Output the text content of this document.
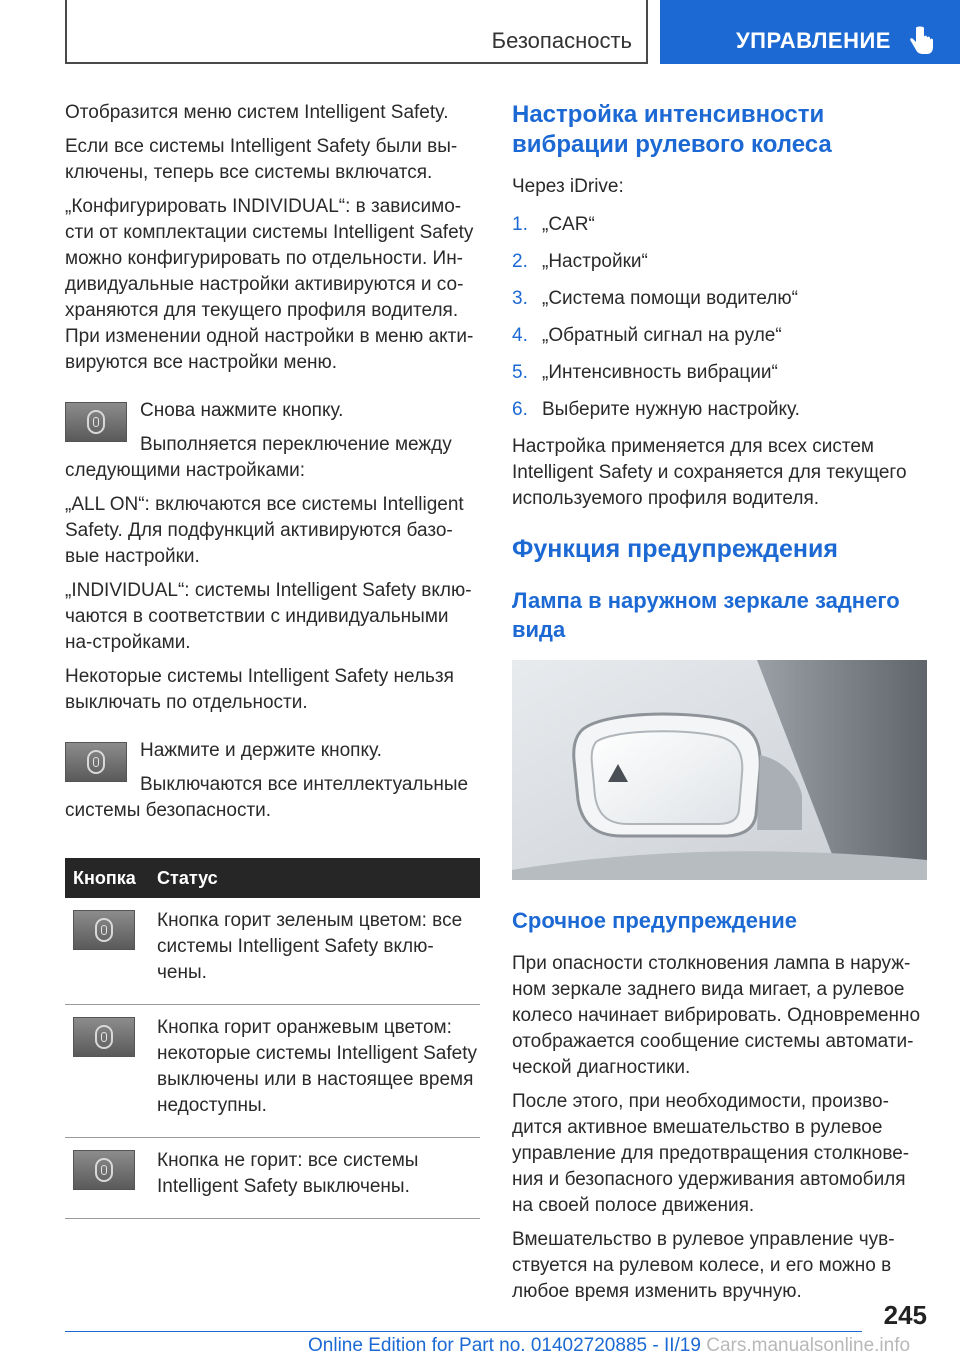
Безопасность	УПРАВЛЕНИЕ

Отобразится меню систем Intelligent Safety.

Если все системы Intelligent Safety были вы-ключены, теперь все системы включатся.

„Конфигурировать INDIVIDUAL“: в зависимо-сти от комплектации системы Intelligent Safety можно конфигурировать по отдельности. Ин-дивидуальные настройки активируются и со-храняются для текущего профиля водителя. При изменении одной настройки в меню акти-вируются все настройки меню.

Снова нажмите кнопку.

Выполняется переключение между следующими настройками:

„ALL ON“: включаются все системы Intelligent Safety. Для подфункций активируются базо-вые настройки.

„INDIVIDUAL“: системы Intelligent Safety вклю-чаются в соответствии с индивидуальными на-стройками.

Некоторые системы Intelligent Safety нельзя выключать по отдельности.

Нажмите и держите кнопку.

Выключаются все интеллектуальные системы безопасности.

Кнопка	Статус

	Кнопка горит зеленым цветом: все системы Intelligent Safety вклю-чены.

	Кнопка горит оранжевым цветом: некоторые системы Intelligent Safety выключены или в настоящее время недоступны.

	Кнопка не горит: все системы Intelligent Safety выключены.
Настройка интенсивности вибрации рулевого колеса

Через iDrive:

1. „CAR“
2. „Настройки“
3. „Система помощи водителю“
4. „Обратный сигнал на руле“
5. „Интенсивность вибрации“
6. Выберите нужную настройку.

Настройка применяется для всех систем Intelligent Safety и сохраняется для текущего используемого профиля водителя.

Функция предупреждения
Лампа в наружном зеркале заднего вида
Срочное предупреждение

При опасности столкновения лампа в наруж-ном зеркале заднего вида мигает, а рулевое колесо начинает вибрировать. Одновременно отображается сообщение системы автомати-ческой диагностики.

После этого, при необходимости, произво-дится активное вмешательство в рулевое управление для предотвращения столкнове-ния и безопасного удерживания автомобиля на своей полосе движения.

Вмешательство в рулевое управление чув-ствуется на рулевом колесе, и его можно в любое время изменить вручную.

245
Online Edition for Part no. 01402720885 - II/19 Cars.manualsonline.info
